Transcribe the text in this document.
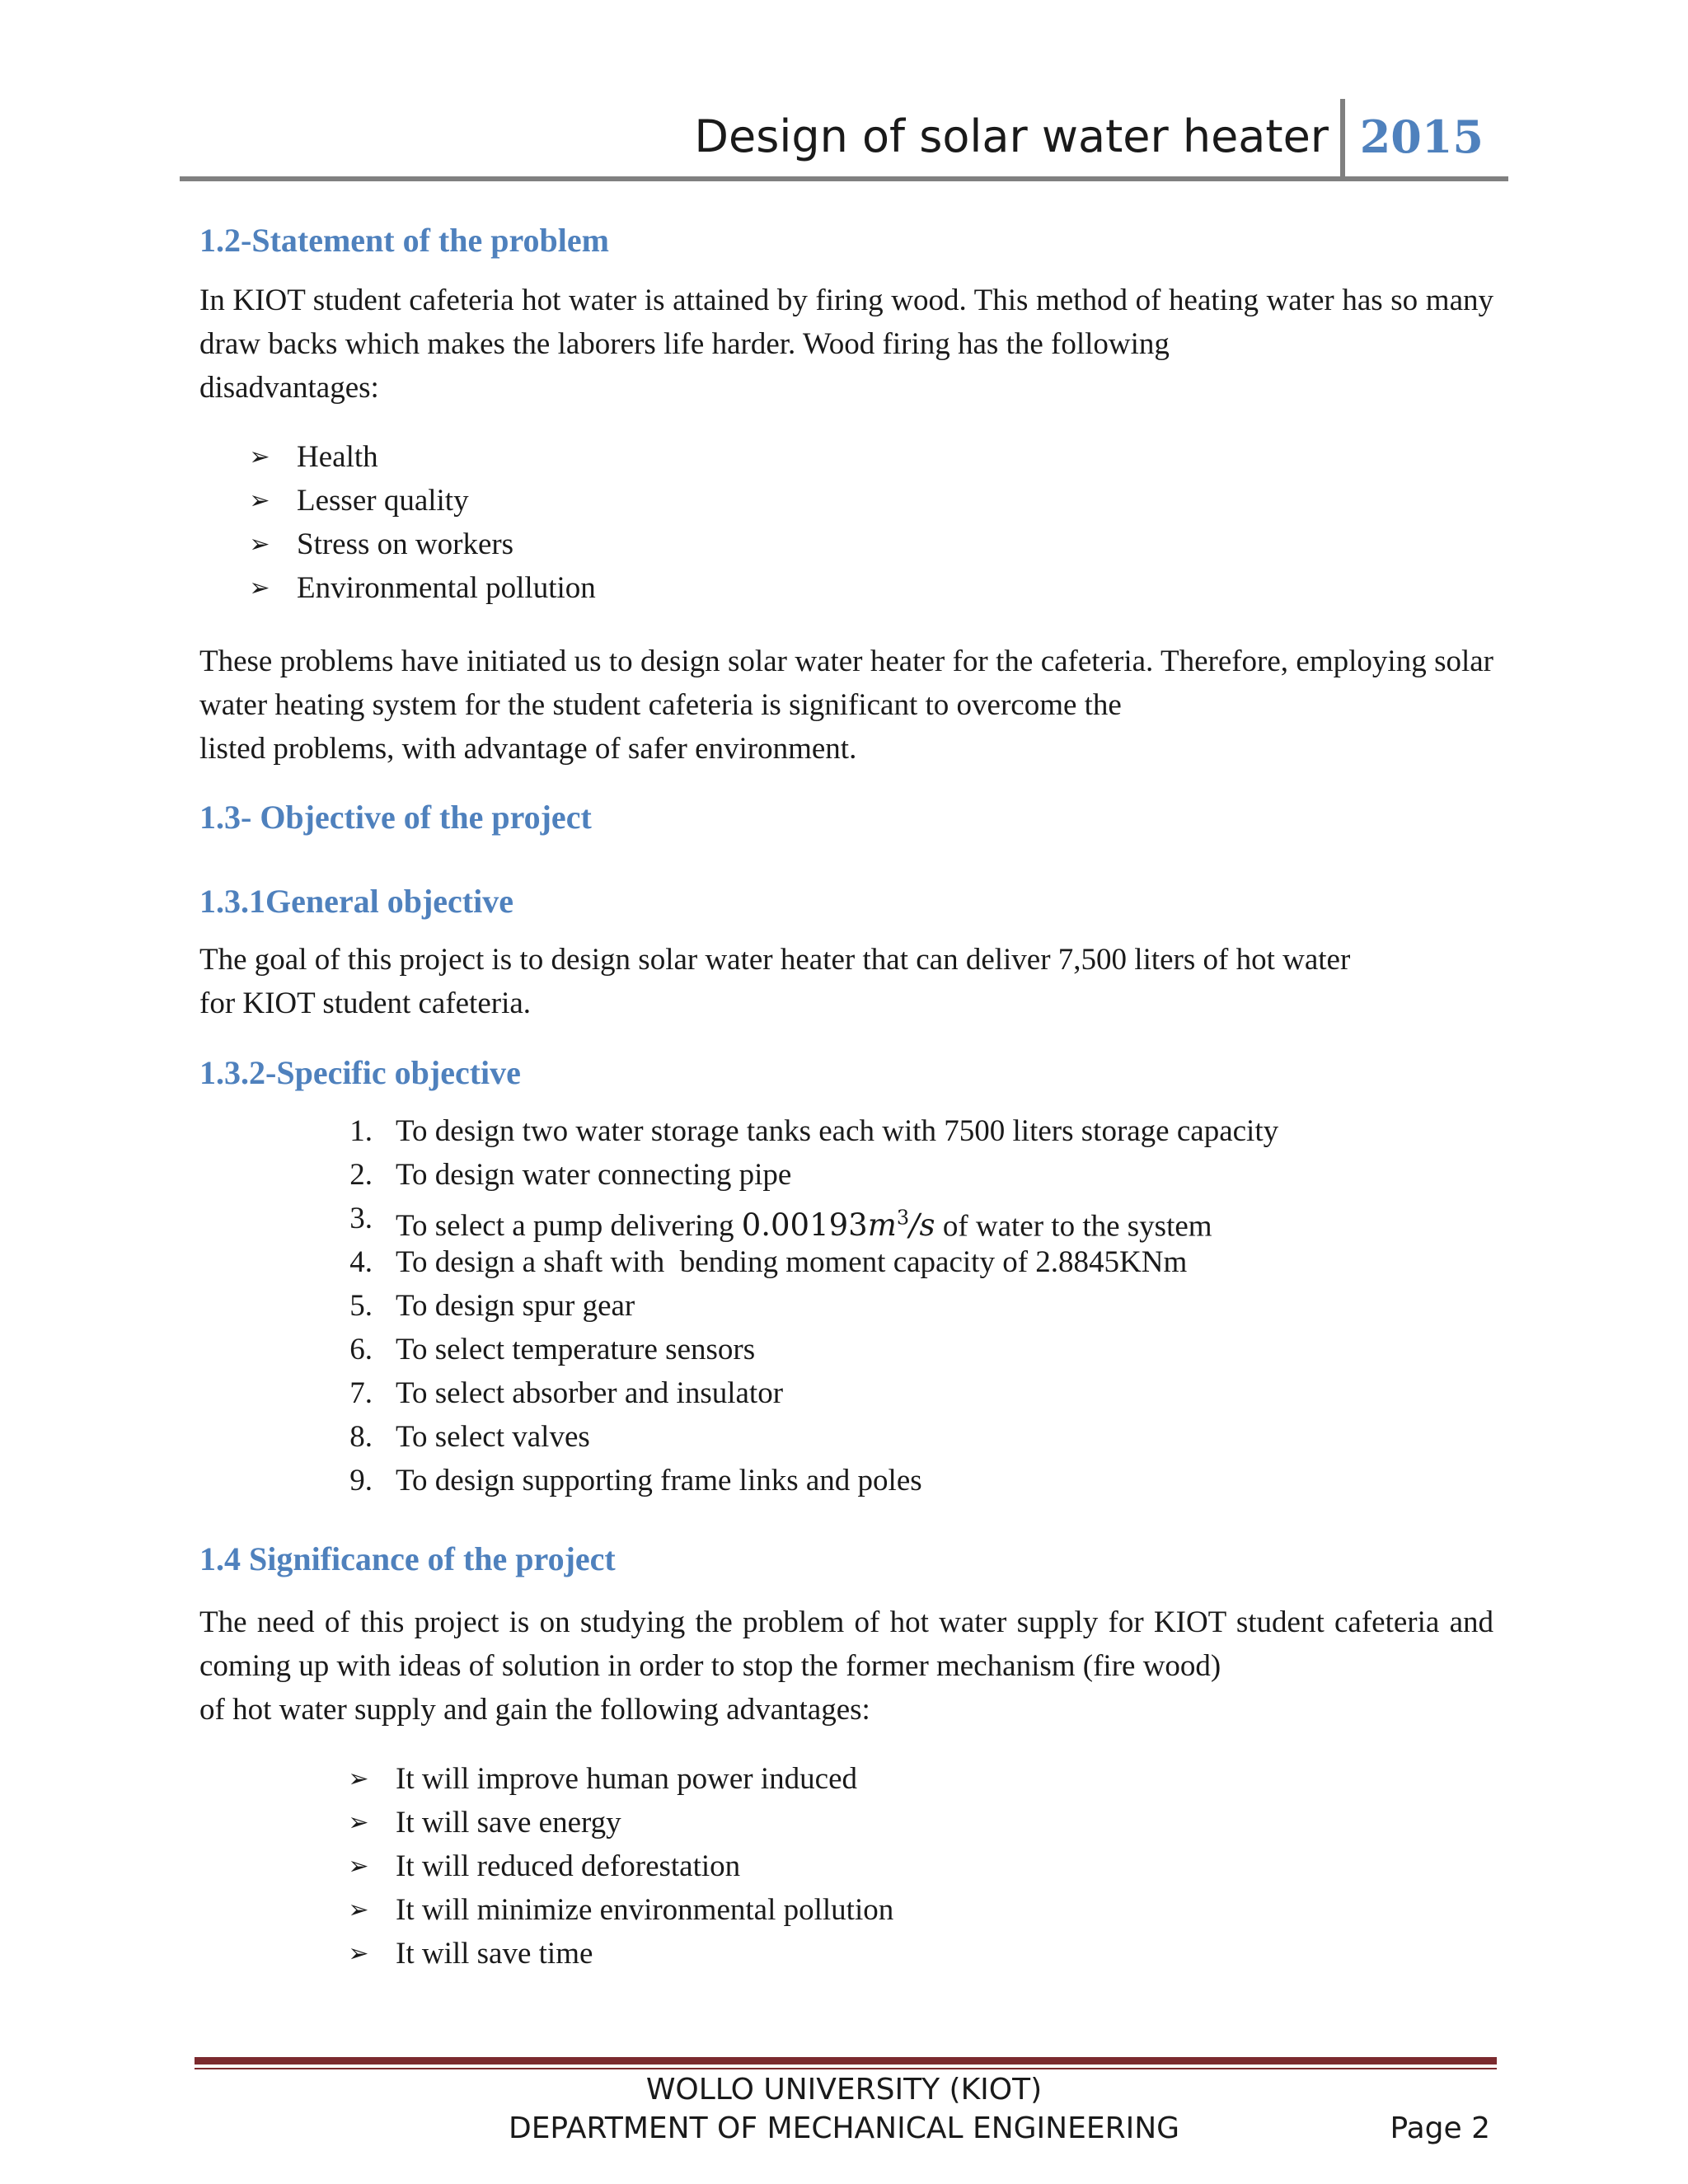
Design of solar water heater 2015
1.2-Statement of the problem

In KIOT student cafeteria hot water is attained by firing wood. This method of heating water has so many draw backs which makes the laborers life harder. Wood firing has the following
disadvantages:

➢ Health
➢ Lesser quality
➢ Stress on workers
➢ Environmental pollution

These problems have initiated us to design solar water heater for the cafeteria. Therefore, employing solar water heating system for the student cafeteria is significant to overcome the
listed problems, with advantage of safer environment.

1.3- Objective of the project
1.3.1General objective

The goal of this project is to design solar water heater that can deliver 7,500 liters of hot water
for KIOT student cafeteria.

1.3.2-Specific objective
1. To design two water storage tanks each with 7500 liters storage capacity
2. To design water connecting pipe
3. To select a pump delivering $0.00193m^3/s$ of water to the system
4. To design a shaft with  bending moment capacity of 2.8845KNm
5. To design spur gear
6. To select temperature sensors
7. To select absorber and insulator
8. To select valves
9. To design supporting frame links and poles
1.4 Significance of the project

The need of this project is on studying the problem of hot water supply for KIOT student cafeteria and coming up with ideas of solution in order to stop the former mechanism (fire wood)
of hot water supply and gain the following advantages:

➢ It will improve human power induced
➢ It will save energy
➢ It will reduced deforestation
➢ It will minimize environmental pollution
➢ It will save time
WOLLO UNIVERSITY (KIOT)
DEPARTMENT OF MECHANICAL ENGINEERING	Page 2
